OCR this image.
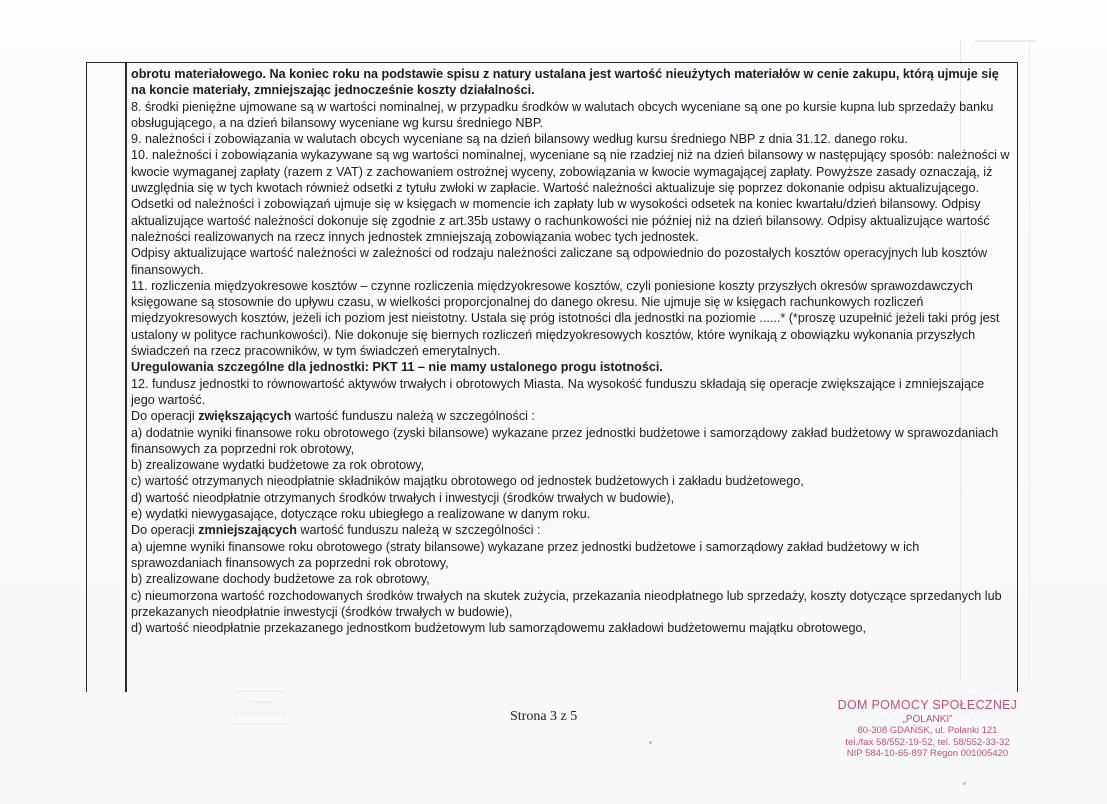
obrotu materiałowego. Na koniec roku na podstawie spisu z natury ustalana jest wartość nieużytych materiałów w cenie zakupu, którą ujmuje się na koncie materiały, zmniejszając jednocześnie koszty działalności.

8. środki pieniężne ujmowane są w wartości nominalnej, w przypadku środków w walutach obcych wyceniane są one po kursie kupna lub sprzedaży banku obsługującego, a na dzień bilansowy wyceniane wg kursu średniego NBP.

9. należności i zobowiązania w walutach obcych wyceniane są na dzień bilansowy według kursu średniego NBP z dnia 31.12. danego roku.

10. należności i zobowiązania wykazywane są wg wartości nominalnej, wyceniane są nie rzadziej niż na dzień bilansowy w następujący sposób: należności w kwocie wymaganej zapłaty (razem z VAT) z zachowaniem ostrożnej wyceny, zobowiązania w kwocie wymagającej zapłaty. Powyższe zasady oznaczają, iż uwzględnia się w tych kwotach również odsetki z tytułu zwłoki w zapłacie. Wartość należności aktualizuje się poprzez dokonanie odpisu aktualizującego. Odsetki od należności i zobowiązań ujmuje się w księgach w momencie ich zapłaty lub w wysokości odsetek na koniec kwartału/dzień bilansowy. Odpisy aktualizujące wartość należności dokonuje się zgodnie z art.35b ustawy o rachunkowości nie później niż na dzień bilansowy. Odpisy aktualizujące wartość należności realizowanych na rzecz innych jednostek zmniejszają zobowiązania wobec tych jednostek.

Odpisy aktualizujące wartość należności w zależności od rodzaju należności zaliczane są odpowiednio do pozostałych kosztów operacyjnych lub kosztów finansowych.

11. rozliczenia międzyokresowe kosztów – czynne rozliczenia międzyokresowe kosztów, czyli poniesione koszty przyszłych okresów sprawozdawczych księgowane są stosownie do upływu czasu, w wielkości proporcjonalnej do danego okresu. Nie ujmuje się w księgach rachunkowych rozliczeń międzyokresowych kosztów, jeżeli ich poziom jest nieistotny. Ustala się próg istotności dla jednostki na poziomie ......* (*proszę uzupełnić jeżeli taki próg jest ustalony w polityce rachunkowości). Nie dokonuje się biernych rozliczeń międzyokresowych kosztów, które wynikają z obowiązku wykonania przyszłych świadczeń na rzecz pracowników, w tym świadczeń emerytalnych.

Uregulowania szczególne dla jednostki: PKT 11 – nie mamy ustalonego progu istotności.

12. fundusz jednostki to równowartość aktywów trwałych i obrotowych Miasta. Na wysokość funduszu składają się operacje zwiększające i zmniejszające jego wartość.

Do operacji zwiększających wartość funduszu należą w szczególności :

a) dodatnie wyniki finansowe roku obrotowego (zyski bilansowe) wykazane przez jednostki budżetowe i samorządowy zakład budżetowy w sprawozdaniach finansowych za poprzedni rok obrotowy,

b) zrealizowane wydatki budżetowe za rok obrotowy,

c) wartość otrzymanych nieodpłatnie składników majątku obrotowego od jednostek budżetowych i zakładu budżetowego,

d) wartość nieodpłatnie otrzymanych środków trwałych i inwestycji (środków trwałych w budowie),

e) wydatki niewygasające, dotyczące roku ubiegłego a realizowane w danym roku.

Do operacji zmniejszających wartość funduszu należą w szczególności :

a) ujemne wyniki finansowe roku obrotowego (straty bilansowe) wykazane przez jednostki budżetowe i samorządowy zakład budżetowy w ich sprawozdaniach finansowych za poprzedni rok obrotowy,

b) zrealizowane dochody budżetowe za rok obrotowy,

c) nieumorzona wartość rozchodowanych środków trwałych na skutek zużycia, przekazania nieodpłatnego lub sprzedaży, koszty dotyczące sprzedanych lub przekazanych nieodpłatnie inwestycji (środków trwałych w budowie),

d) wartość nieodpłatnie przekazanego jednostkom budżetowym lub samorządowemu zakładowi budżetowemu majątku obrotowego,

───────
─────
────────
─────────	Strona 3 z 5
DOM POMOCY SPOŁECZNEJ
„POLANKI”
80-308 GDAŃSK, ul. Polanki 121
tel./fax 58/552-19-52, tel. 58/552-33-32
NIP 584-10-65-897 Regon 001005420
